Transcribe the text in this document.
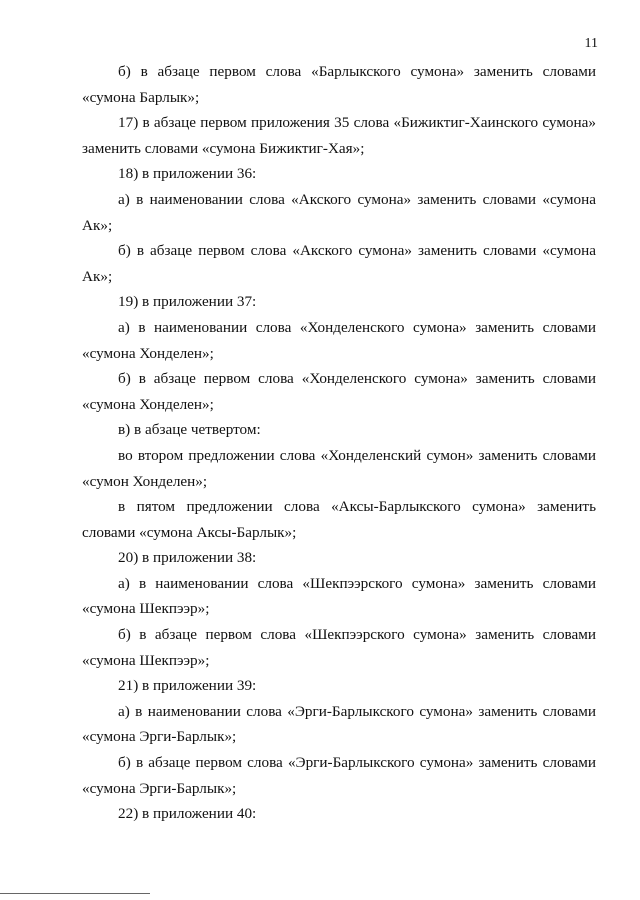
11

б) в абзаце первом слова «Барлыкского сумона» заменить словами «сумона Барлык»;

17) в абзаце первом приложения 35 слова «Бижиктиг-Хаинского сумона» заменить словами «сумона Бижиктиг-Хая»;

18) в приложении 36:

а) в наименовании слова «Акского сумона» заменить словами «сумона Ак»;

б) в абзаце первом слова «Акского сумона» заменить словами «сумона Ак»;

19) в приложении 37:

а) в наименовании слова «Хонделенского сумона» заменить словами «сумона Хонделен»;

б) в абзаце первом слова «Хонделенского сумона» заменить словами «сумона Хонделен»;

в) в абзаце четвертом:

во втором предложении слова «Хонделенский сумон» заменить словами «сумон Хонделен»;

в пятом предложении слова «Аксы-Барлыкского сумона» заменить словами «сумона Аксы-Барлык»;

20) в приложении 38:

а) в наименовании слова «Шекпээрского сумона» заменить словами «сумона Шекпээр»;

б) в абзаце первом слова «Шекпээрского сумона» заменить словами «сумона Шекпээр»;

21) в приложении 39:

а) в наименовании слова «Эрги-Барлыкского сумона» заменить словами «сумона Эрги-Барлык»;

б) в абзаце первом слова «Эрги-Барлыкского сумона» заменить словами «сумона Эрги-Барлык»;

22) в приложении 40:
